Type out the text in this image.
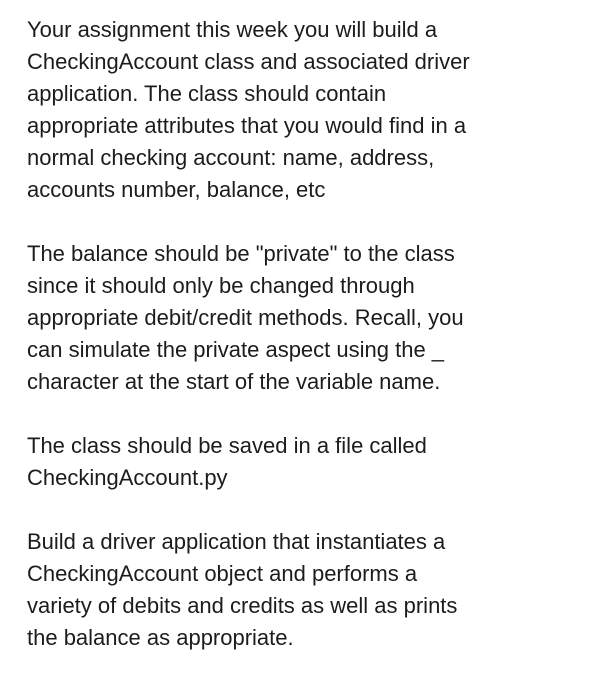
Your assignment this week you will build a
CheckingAccount class and associated driver
application. The class should contain
appropriate attributes that you would find in a
normal checking account: name, address,
accounts number, balance, etc

The balance should be "private" to the class
since it should only be changed through
appropriate debit/credit methods. Recall, you
can simulate the private aspect using the _
character at the start of the variable name.

The class should be saved in a file called
CheckingAccount.py

Build a driver application that instantiates a
CheckingAccount object and performs a
variety of debits and credits as well as prints
the balance as appropriate.
